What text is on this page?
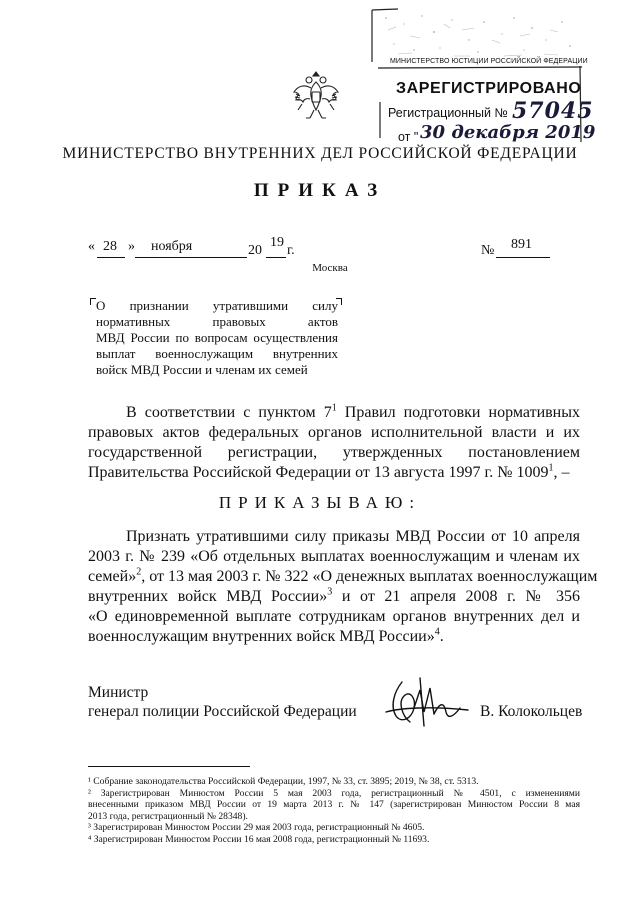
МИНИСТЕРСТВО ЮСТИЦИИ РОССИЙСКОЙ ФЕДЕРАЦИИ
ЗАРЕГИСТРИРОВАНО
Регистрационный № 57045
от " 30 декабря 2019
МИНИСТЕРСТВО ВНУТРЕННИХ ДЕЛ РОССИЙСКОЙ ФЕДЕРАЦИИ
ПРИКАЗ
« 28 » ноября	20
19
г.	№ 891
Москва

О признании утратившими силу

нормативных правовых актов

МВД России по вопросам осуществления

выплат военнослужащим внутренних

войск МВД России и членам их семей

В соответствии с пунктом $7^1$ Правил подготовки нормативных
правовых актов федеральных органов исполнительной власти и их
государственной регистрации, утвержденных постановлением
Правительства Российской Федерации от 13 августа 1997 г. № 1009$^1$, –
ПРИКАЗЫВАЮ:
Признать утратившими силу приказы МВД России от 10 апреля
2003 г. № 239 «Об отдельных выплатах военнослужащим и членам их
семей»$^2$, от 13 мая 2003 г. № 322 «О денежных выплатах военнослужащим
внутренних войск МВД России»$^3$ и от 21 апреля 2008 г. № 356
«О единовременной выплате сотрудникам органов внутренних дел и
военнослужащим внутренних войск МВД России»$^4$.
Министр
генерал полиции Российской Федерации	В. Колокольцев
¹ Собрание законодательства Российской Федерации, 1997, № 33, ст. 3895; 2019, № 38, ст. 5313.
² Зарегистрирован Минюстом России 5 мая 2003 года, регистрационный № 4501, с изменениями
внесенными приказом МВД России от 19 марта 2013 г. № 147 (зарегистрирован Минюстом России 8 мая
2013 года, регистрационный № 28348).
³ Зарегистрирован Минюстом России 29 мая 2003 года, регистрационный № 4605.
⁴ Зарегистрирован Минюстом России 16 мая 2008 года, регистрационный № 11693.
